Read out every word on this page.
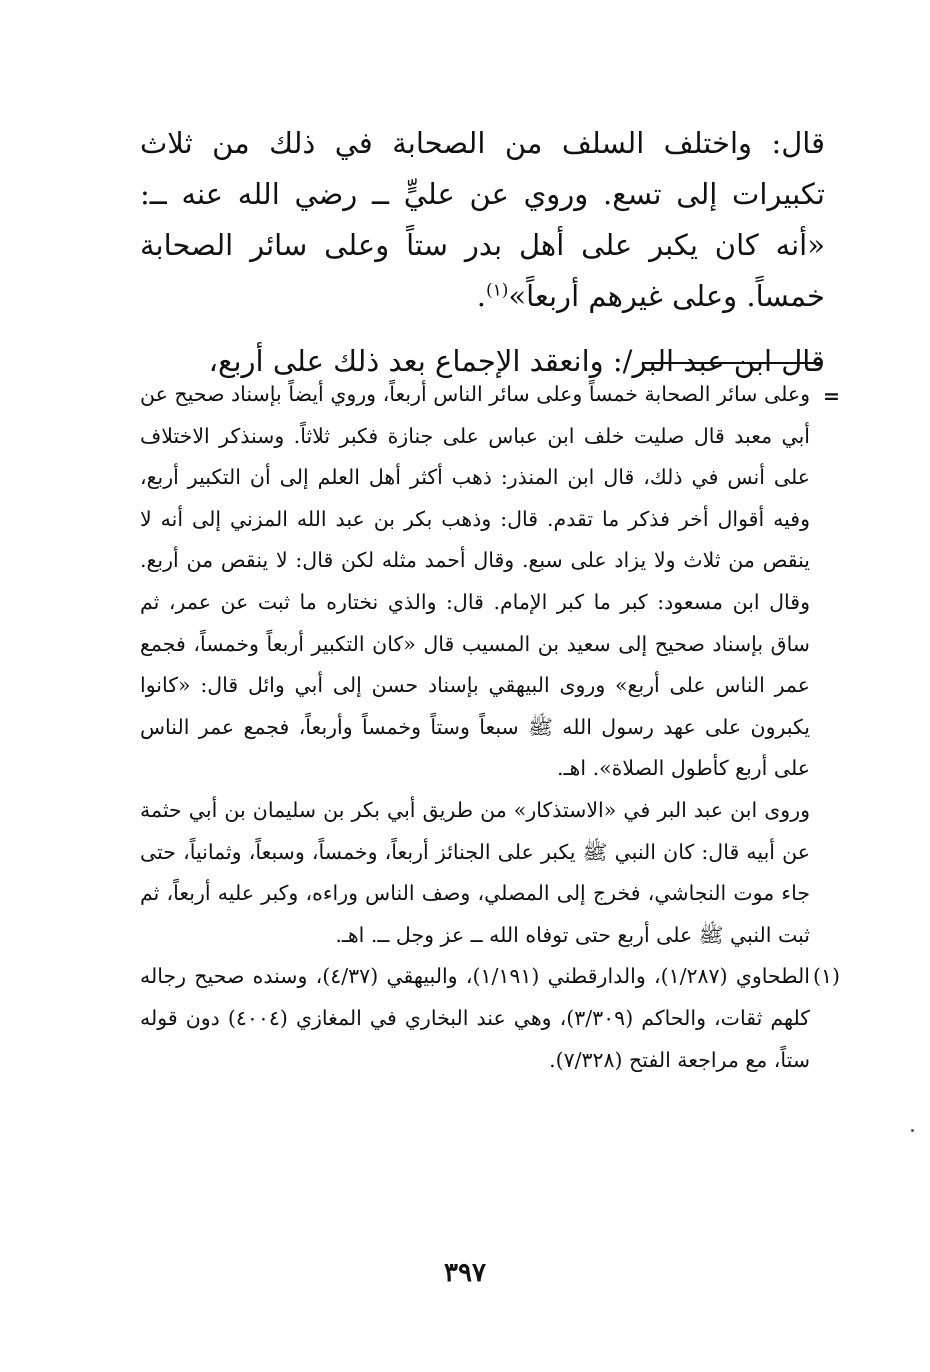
قال: واختلف السلف من الصحابة في ذلك من ثلاث تكبيرات إلى تسع. وروي عن عليٍّ ــ رضي الله عنه ــ: «أنه كان يكبر على أهل بدر ستاً وعلى سائر الصحابة خمساً. وعلى غيرهم أربعاً»$^{(١)}$.

قال ابن عبد البر/: وانعقد الإجماع بعد ذلك على أربع،

=

وعلى سائر الصحابة خمساً وعلى سائر الناس أربعاً، وروي أيضاً بإسناد صحيح عن أبي معبد قال صليت خلف ابن عباس على جنازة فكبر ثلاثاً. وسنذكر الاختلاف على أنس في ذلك، قال ابن المنذر: ذهب أكثر أهل العلم إلى أن التكبير أربع، وفيه أقوال أخر فذكر ما تقدم. قال: وذهب بكر بن عبد الله المزني إلى أنه لا ينقص من ثلاث ولا يزاد على سبع. وقال أحمد مثله لكن قال: لا ينقص من أربع. وقال ابن مسعود: كبر ما كبر الإمام. قال: والذي نختاره ما ثبت عن عمر، ثم ساق بإسناد صحيح إلى سعيد بن المسيب قال «كان التكبير أربعاً وخمساً، فجمع عمر الناس على أربع» وروى البيهقي بإسناد حسن إلى أبي وائل قال: «كانوا يكبرون على عهد رسول الله ﷺ سبعاً وستاً وخمساً وأربعاً، فجمع عمر الناس على أربع كأطول الصلاة». اهـ.

وروى ابن عبد البر في «الاستذكار» من طريق أبي بكر بن سليمان بن أبي حثمة عن أبيه قال: كان النبي ﷺ يكبر على الجنائز أربعاً، وخمساً، وسبعاً، وثمانياً، حتى جاء موت النجاشي، فخرج إلى المصلي، وصف الناس وراءه، وكبر عليه أربعاً، ثم ثبت النبي ﷺ على أربع حتى توفاه الله ــ عز وجل ــ. اهـ.

(١)

الطحاوي (١/٢٨٧)، والدارقطني (١/١٩١)، والبيهقي (٤/٣٧)، وسنده صحيح رجاله كلهم ثقات، والحاكم (٣/٣٠٩)، وهي عند البخاري في المغازي (٤٠٠٤) دون قوله ستاً، مع مراجعة الفتح (٧/٣٢٨).

٣٩٧
